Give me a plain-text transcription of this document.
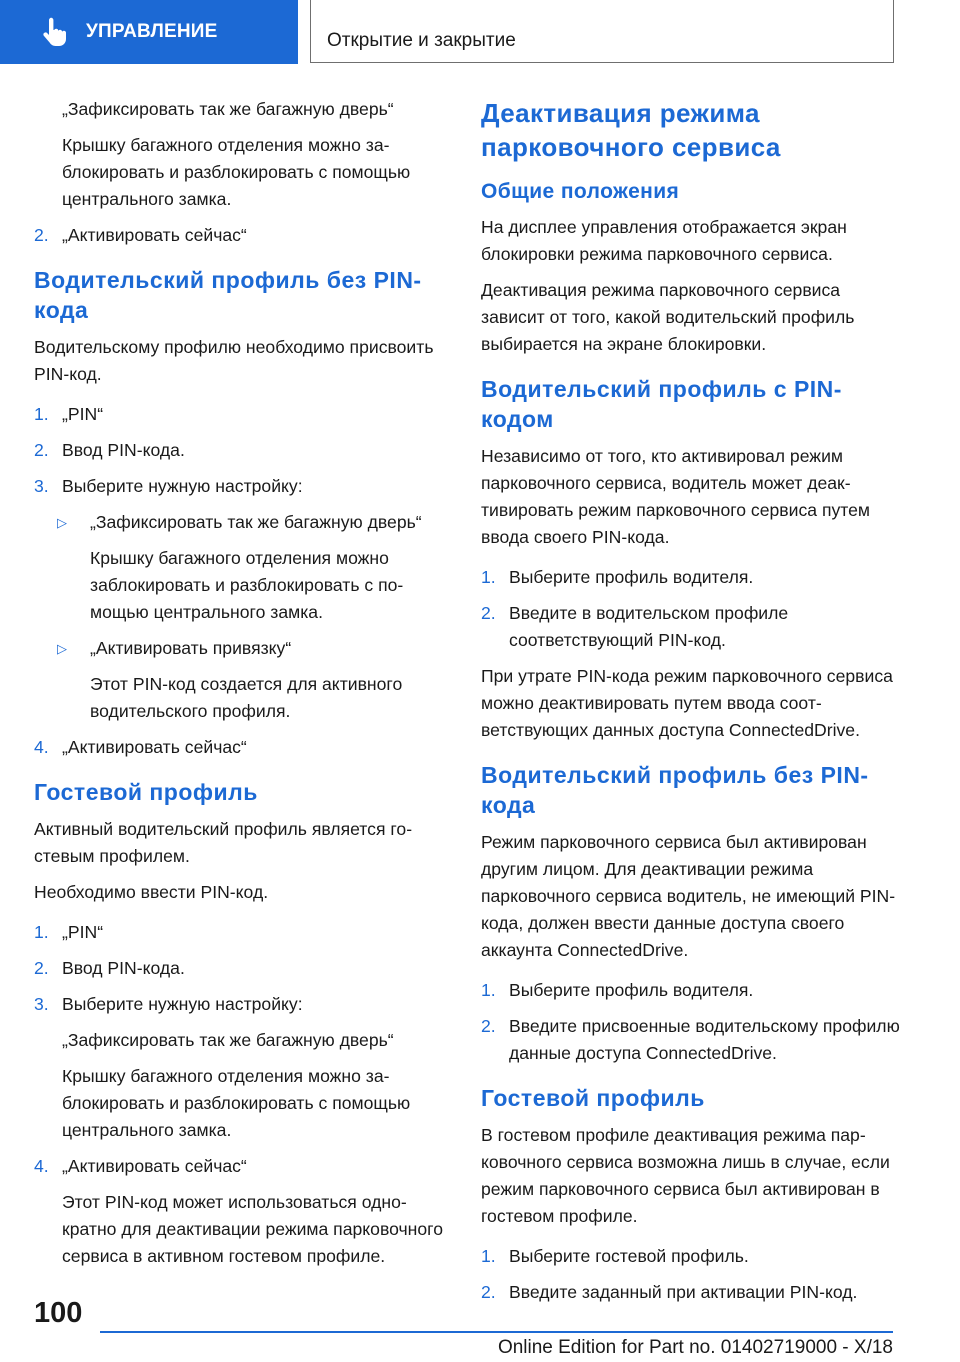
УПРАВЛЕНИЕ	Открытие и закрытие
„Зафиксировать так же багажную дверь“
Крышку багажного отделения можно заблокировать и разблокировать с помощью центрального замка.
2. „Активировать сейчас“
Водительский профиль без PIN-кода
Водительскому профилю необходимо присвоить PIN-код.
1. „PIN“
2. Ввод PIN-кода.
3. Выберите нужную настройку:
▷ „Зафиксировать так же багажную дверь“
Крышку багажного отделения можно заблокировать и разблокировать с помощью центрального замка.
▷ „Активировать привязку“
Этот PIN-код создается для активного водительского профиля.
4. „Активировать сейчас“
Гостевой профиль
Активный водительский профиль является гостевым профилем.
Необходимо ввести PIN-код.
1. „PIN“
2. Ввод PIN-кода.
3. Выберите нужную настройку:
„Зафиксировать так же багажную дверь“
Крышку багажного отделения можно заблокировать и разблокировать с помощью центрального замка.
4. „Активировать сейчас“
Этот PIN-код может использоваться однократно для деактивации режима парковочного сервиса в активном гостевом профиле.
Деактивация режима парковочного сервиса
Общие положения
На дисплее управления отображается экран блокировки режима парковочного сервиса.
Деактивация режима парковочного сервиса зависит от того, какой водительский профиль выбирается на экране блокировки.
Водительский профиль с PIN-кодом
Независимо от того, кто активировал режим парковочного сервиса, водитель может деактивировать режим парковочного сервиса путем ввода своего PIN-кода.
1. Выберите профиль водителя.
2. Введите в водительском профиле соответствующий PIN-код.
При утрате PIN-кода режим парковочного сервиса можно деактивировать путем ввода соответствующих данных доступа ConnectedDrive.
Водительский профиль без PIN-кода
Режим парковочного сервиса был активирован другим лицом. Для деактивации режима парковочного сервиса водитель, не имеющий PIN-кода, должен ввести данные доступа своего аккаунта ConnectedDrive.
1. Выберите профиль водителя.
2. Введите присвоенные водительскому профилю данные доступа ConnectedDrive.
Гостевой профиль
В гостевом профиле деактивация режима парковочного сервиса возможна лишь в случае, если режим парковочного сервиса был активирован в гостевом профиле.
1. Выберите гостевой профиль.
2. Введите заданный при активации PIN-код.
100
Online Edition for Part no. 01402719000 - X/18
